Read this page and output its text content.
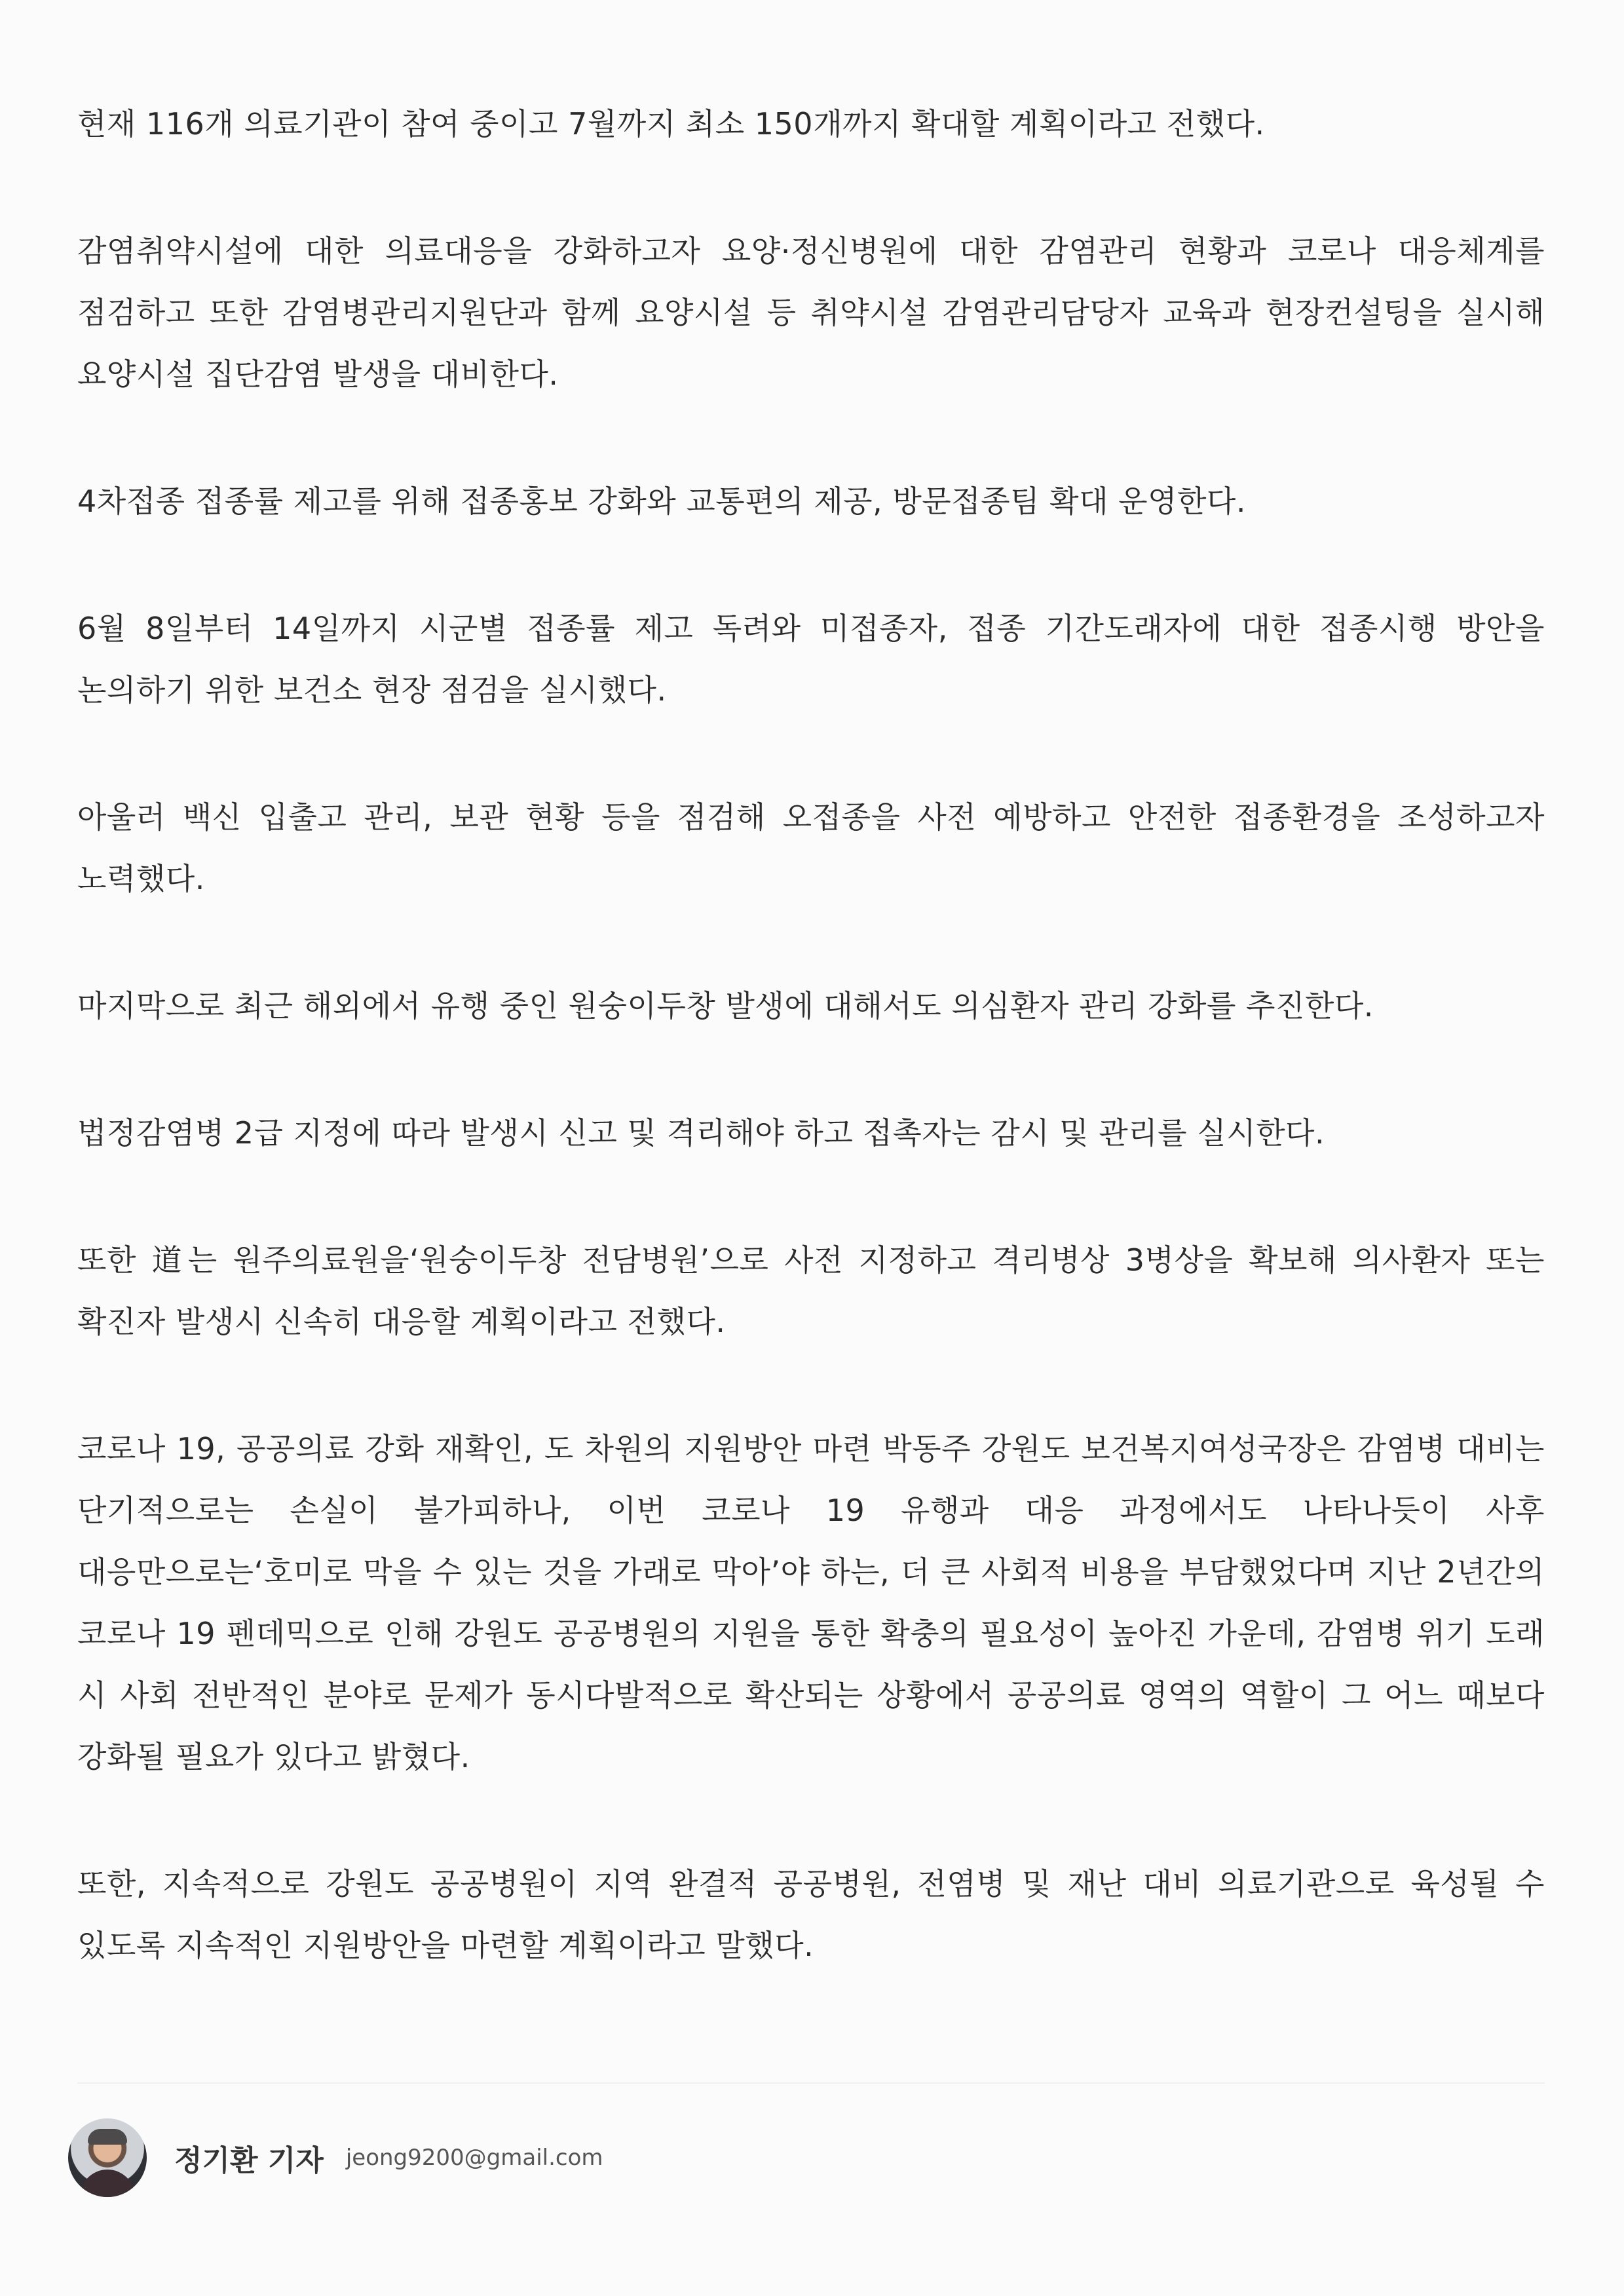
현재 116개 의료기관이 참여 중이고 7월까지 최소 150개까지 확대할 계획이라고 전했다.

감염취약시설에 대한 의료대응을 강화하고자 요양·정신병원에 대한 감염관리 현황과 코로나 대응체계를 점검하고 또한 감염병관리지원단과 함께 요양시설 등 취약시설 감염관리담당자 교육과 현장컨설팅을 실시해 요양시설 집단감염 발생을 대비한다.

4차접종 접종률 제고를 위해 접종홍보 강화와 교통편의 제공, 방문접종팀 확대 운영한다.

6월 8일부터 14일까지 시군별 접종률 제고 독려와 미접종자, 접종 기간도래자에 대한 접종시행 방안을 논의하기 위한 보건소 현장 점검을 실시했다.

아울러 백신 입출고 관리, 보관 현황 등을 점검해 오접종을 사전 예방하고 안전한 접종환경을 조성하고자 노력했다.

마지막으로 최근 해외에서 유행 중인 원숭이두창 발생에 대해서도 의심환자 관리 강화를 추진한다.

법정감염병 2급 지정에 따라 발생시 신고 및 격리해야 하고 접촉자는 감시 및 관리를 실시한다.

또한 道는 원주의료원을‘원숭이두창 전담병원’으로 사전 지정하고 격리병상 3병상을 확보해 의사환자 또는 확진자 발생시 신속히 대응할 계획이라고 전했다.

코로나 19, 공공의료 강화 재확인, 도 차원의 지원방안 마련 박동주 강원도 보건복지여성국장은 감염병 대비는 단기적으로는 손실이 불가피하나, 이번 코로나 19 유행과 대응 과정에서도 나타나듯이 사후 대응만으로는‘호미로 막을 수 있는 것을 가래로 막아’야 하는, 더 큰 사회적 비용을 부담했었다며 지난 2년간의 코로나 19 펜데믹으로 인해 강원도 공공병원의 지원을 통한 확충의 필요성이 높아진 가운데, 감염병 위기 도래 시 사회 전반적인 분야로 문제가 동시다발적으로 확산되는 상황에서 공공의료 영역의 역할이 그 어느 때보다 강화될 필요가 있다고 밝혔다.

또한, 지속적으로 강원도 공공병원이 지역 완결적 공공병원, 전염병 및 재난 대비 의료기관으로 육성될 수 있도록 지속적인 지원방안을 마련할 계획이라고 말했다.

정기환 기자 jeong9200@gmail.com
